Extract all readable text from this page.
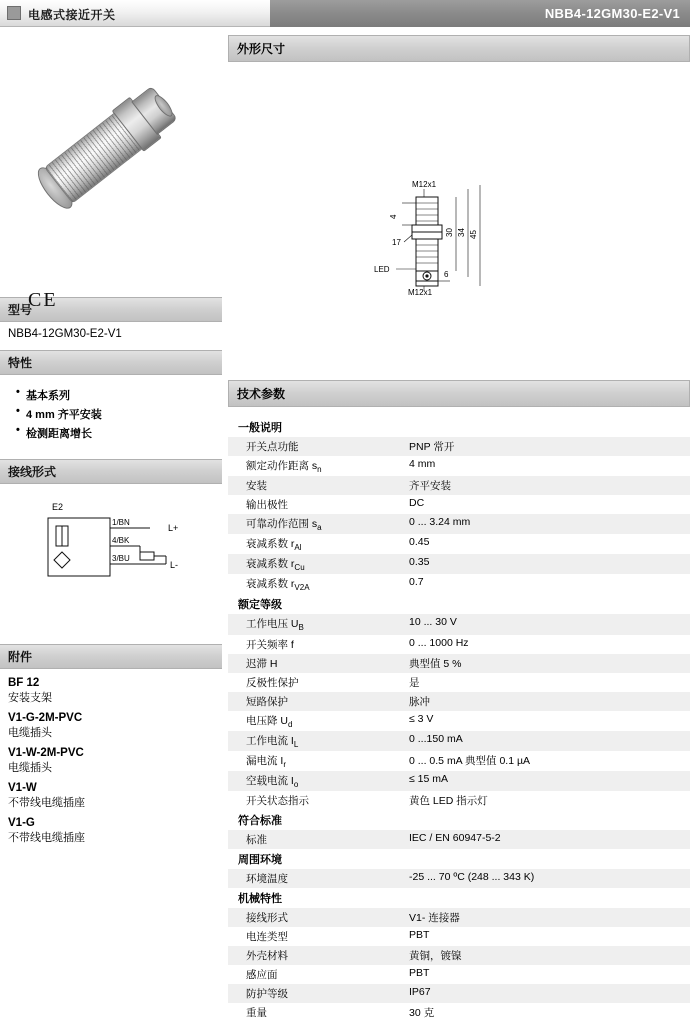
电感式接近开关	NBB4-12GM30-E2-V1
CE
型号
NBB4-12GM30-E2-V1
特性
• 基本系列
• 4 mm 齐平安装
• 检测距离增长
接线形式
E2
1/BN
4/BK
3/BU
L+
L-
附件
BF 12
安装支架
V1-G-2M-PVC
电缆插头
V1-W-2M-PVC
电缆插头
V1-W
不带线电缆插座
V1-G
不带线电缆插座
外形尺寸
M12x1
M12x1
LED
17
4
6
30 34 45
技术参数
一般说明	
开关点功能	PNP 常开
额定动作距离 $s_n$	4 mm
安装	齐平安装
输出极性	DC
可靠动作范围 $s_a$	0 ... 3.24 mm
衰减系数 $r_{Al}$	0.45
衰减系数 $r_{Cu}$	0.35
衰减系数 $r_{V2A}$	0.7
额定等级	
工作电压 $U_B$	10 ... 30 V
开关频率 f	0 ... 1000 Hz
迟滞 H	典型值 5 %
反极性保护	是
短路保护	脉冲
电压降 $U_d$	≤ 3 V
工作电流 $I_L$	0 ...150 mA
漏电流 $I_r$	0 ... 0.5 mA 典型值 0.1 µA
空载电流 $I_o$	≤ 15 mA
开关状态指示	黄色 LED 指示灯
符合标准	
标准	IEC / EN 60947-5-2
周围环境	
环境温度	-25 ... 70 ºC (248 ... 343 K)
机械特性	
接线形式	V1- 连接器
电连类型	PBT
外壳材料	黄铜，镀镍
感应面	PBT
防护等级	IP67
重量	30 克
